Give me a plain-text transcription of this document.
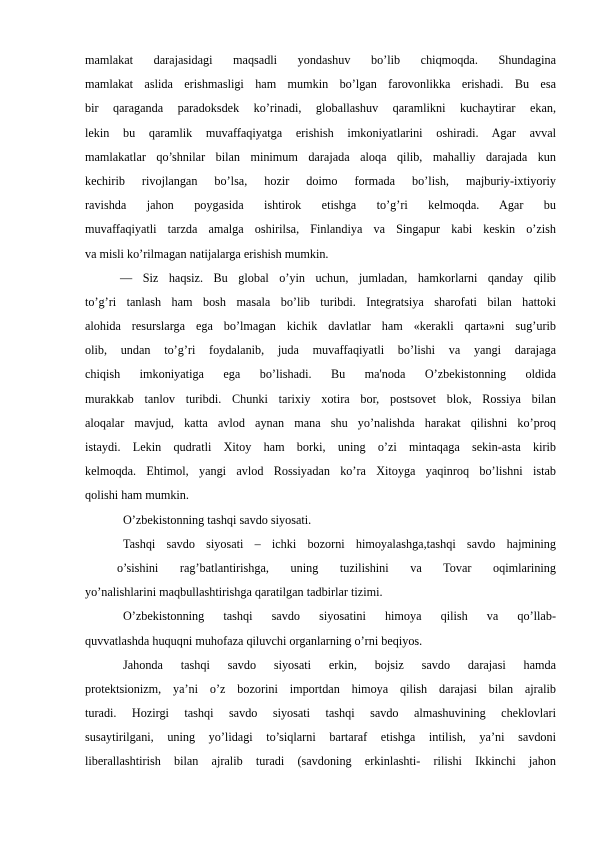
mamlakat darajasidagi maqsadli yondashuv bo’lib chiqmoqda. Shundagina
mamlakat aslida erishmasligi ham mumkin bo’lgan farovonlikka erishadi. Bu esa
bir qaraganda paradoksdek ko’rinadi, globallashuv qaramlikni kuchaytirar ekan,
lekin bu qaramlik muvaffaqiyatga erishish imkoniyatlarini oshiradi. Agar avval
mamlakatlar qo’shnilar bilan minimum darajada aloqa qilib, mahalliy darajada kun
kechirib rivojlangan bo’lsa, hozir doimo formada bo’lish, majburiy-ixtiyoriy
ravishda jahon poygasida ishtirok etishga to’g’ri kelmoqda. Agar bu
muvaffaqiyatli tarzda amalga oshirilsa, Finlandiya va Singapur kabi keskin o’zish
va misli ko’rilmagan natijalarga erishish mumkin.
— Siz haqsiz. Bu global o’yin uchun, jumladan, hamkorlarni qanday qilib
to’g’ri tanlash ham bosh masala bo’lib turibdi. Integratsiya sharofati bilan hattoki
alohida resurslarga ega bo’lmagan kichik davlatlar ham «kerakli qarta»ni sug’urib
olib, undan to’g’ri foydalanib, juda muvaffaqiyatli bo’lishi va yangi darajaga
chiqish imkoniyatiga ega bo’lishadi. Bu ma'noda O’zbekistonning oldida
murakkab tanlov turibdi. Chunki tarixiy xotira bor, postsovet blok, Rossiya bilan
aloqalar mavjud, katta avlod aynan mana shu yo’nalishda harakat qilishni ko’proq
istaydi. Lekin qudratli Xitoy ham borki, uning o’zi mintaqaga sekin-asta kirib
kelmoqda. Ehtimol, yangi avlod Rossiyadan ko’ra Xitoyga yaqinroq bo’lishni istab
qolishi ham mumkin.
O’zbekistonning tashqi savdo siyosati.
Tashqi savdo siyosati – ichki bozorni himoyalashga,tashqi savdo hajmining
o’sishini rag’batlantirishga, uning tuzilishini va Tovar oqimlarining
yo’nalishlarini maqbullashtirishga qaratilgan tadbirlar tizimi.
O’zbekistonning tashqi savdo siyosatini himoya qilish va qo’llab-
quvvatlashda huquqni muhofaza qiluvchi organlarning o’rni beqiyos.
Jahonda tashqi savdo siyosati erkin, bojsiz savdo darajasi hamda
protektsionizm, ya’ni o’z bozorini importdan himoya qilish darajasi bilan ajralib
turadi. Hozirgi tashqi savdo siyosati tashqi savdo almashuvining cheklovlari
susaytirilgani, uning yo’lidagi to’siqlarni bartaraf etishga intilish, ya’ni savdoni
liberallashtirish bilan ajralib turadi (savdoning erkinlashti- rilishi Ikkinchi jahon
